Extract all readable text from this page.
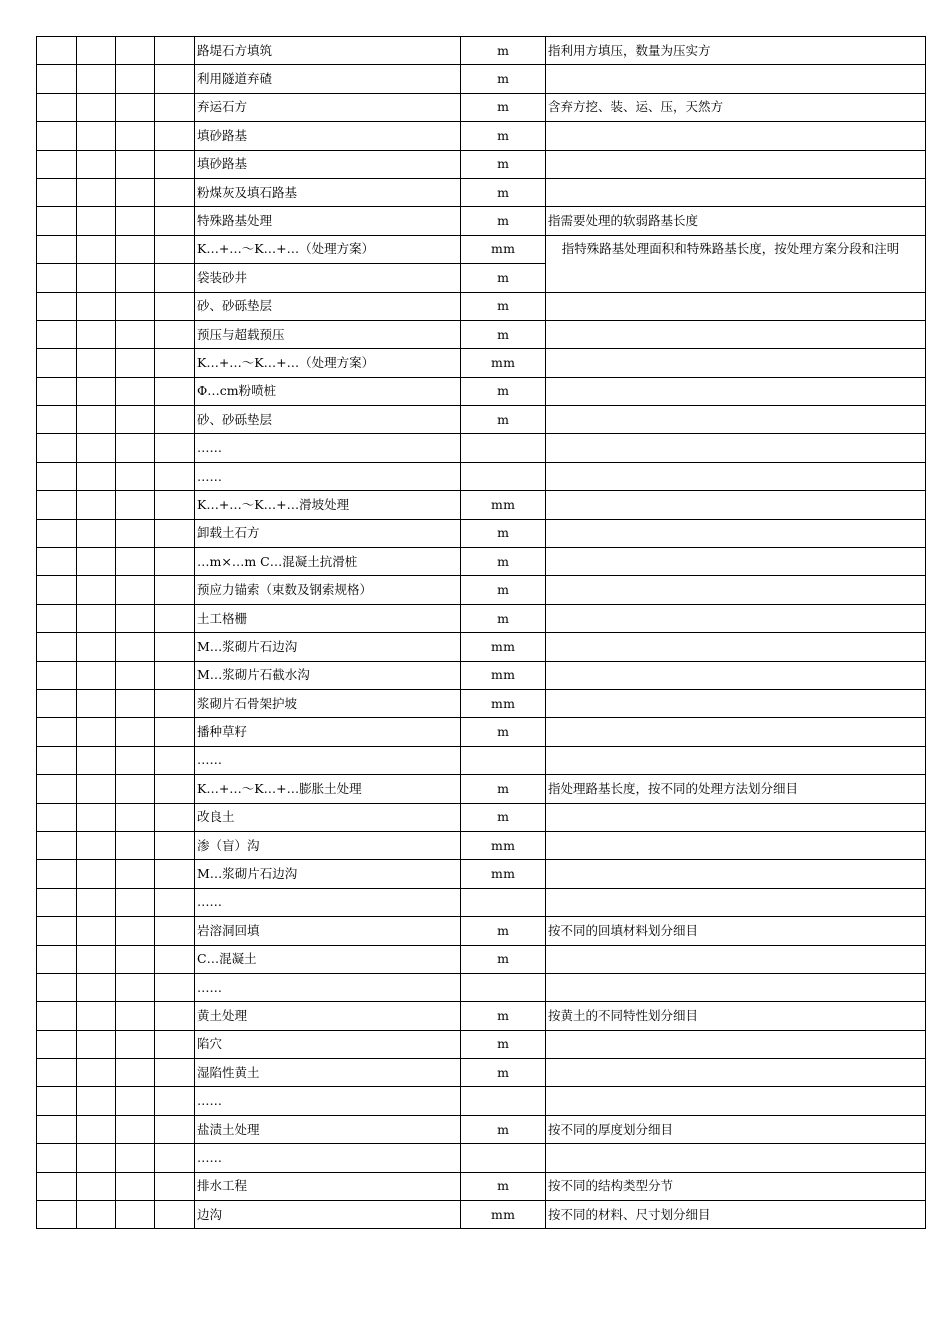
				路堤石方填筑	m	指利用方填压，数量为压实方
				利用隧道弃碴	m	
				弃运石方	m	含弃方挖、装、运、压，天然方
				填砂路基	m	
				填砂路基	m	
				粉煤灰及填石路基	m	
				特殊路基处理	m	指需要处理的软弱路基长度
				K…+…～K…+…（处理方案）	m m	指特殊路基处理面积和特殊路基长度，按处理方案分段和注明
				袋装砂井	m	
				砂、砂砾垫层	m	
				预压与超载预压	m	
				K…+…～K…+…（处理方案）	m m	

				Φ…cm粉喷桩	m	
				砂、砂砾垫层	m	
				……		
				……		
				K…+…～K…+…滑坡处理	m m	

				卸载土石方	m	
				…m×…m C…混凝土抗滑桩	m	
				预应力锚索（束数及钢索规格）	m	
				土工格栅	m	
				M…浆砌片石边沟	m m	

				M…浆砌片石截水沟	m m	

				浆砌片石骨架护坡	m m	

				播种草籽	m	
				……		
				K…+…～K…+…膨胀土处理	m	指处理路基长度，按不同的处理方法划分细目
				改良土	m	
				渗（盲）沟	m m	

				M…浆砌片石边沟	m m	

				……		
				岩溶洞回填	m	按不同的回填材料划分细目
				C…混凝土	m	
				……		
				黄土处理	m	按黄土的不同特性划分细目
				陷穴	m	
				湿陷性黄土	m	
				……		
				盐渍土处理	m	按不同的厚度划分细目
				……		
				排水工程	m	按不同的结构类型分节
				边沟	m m	按不同的材料、尺寸划分细目
